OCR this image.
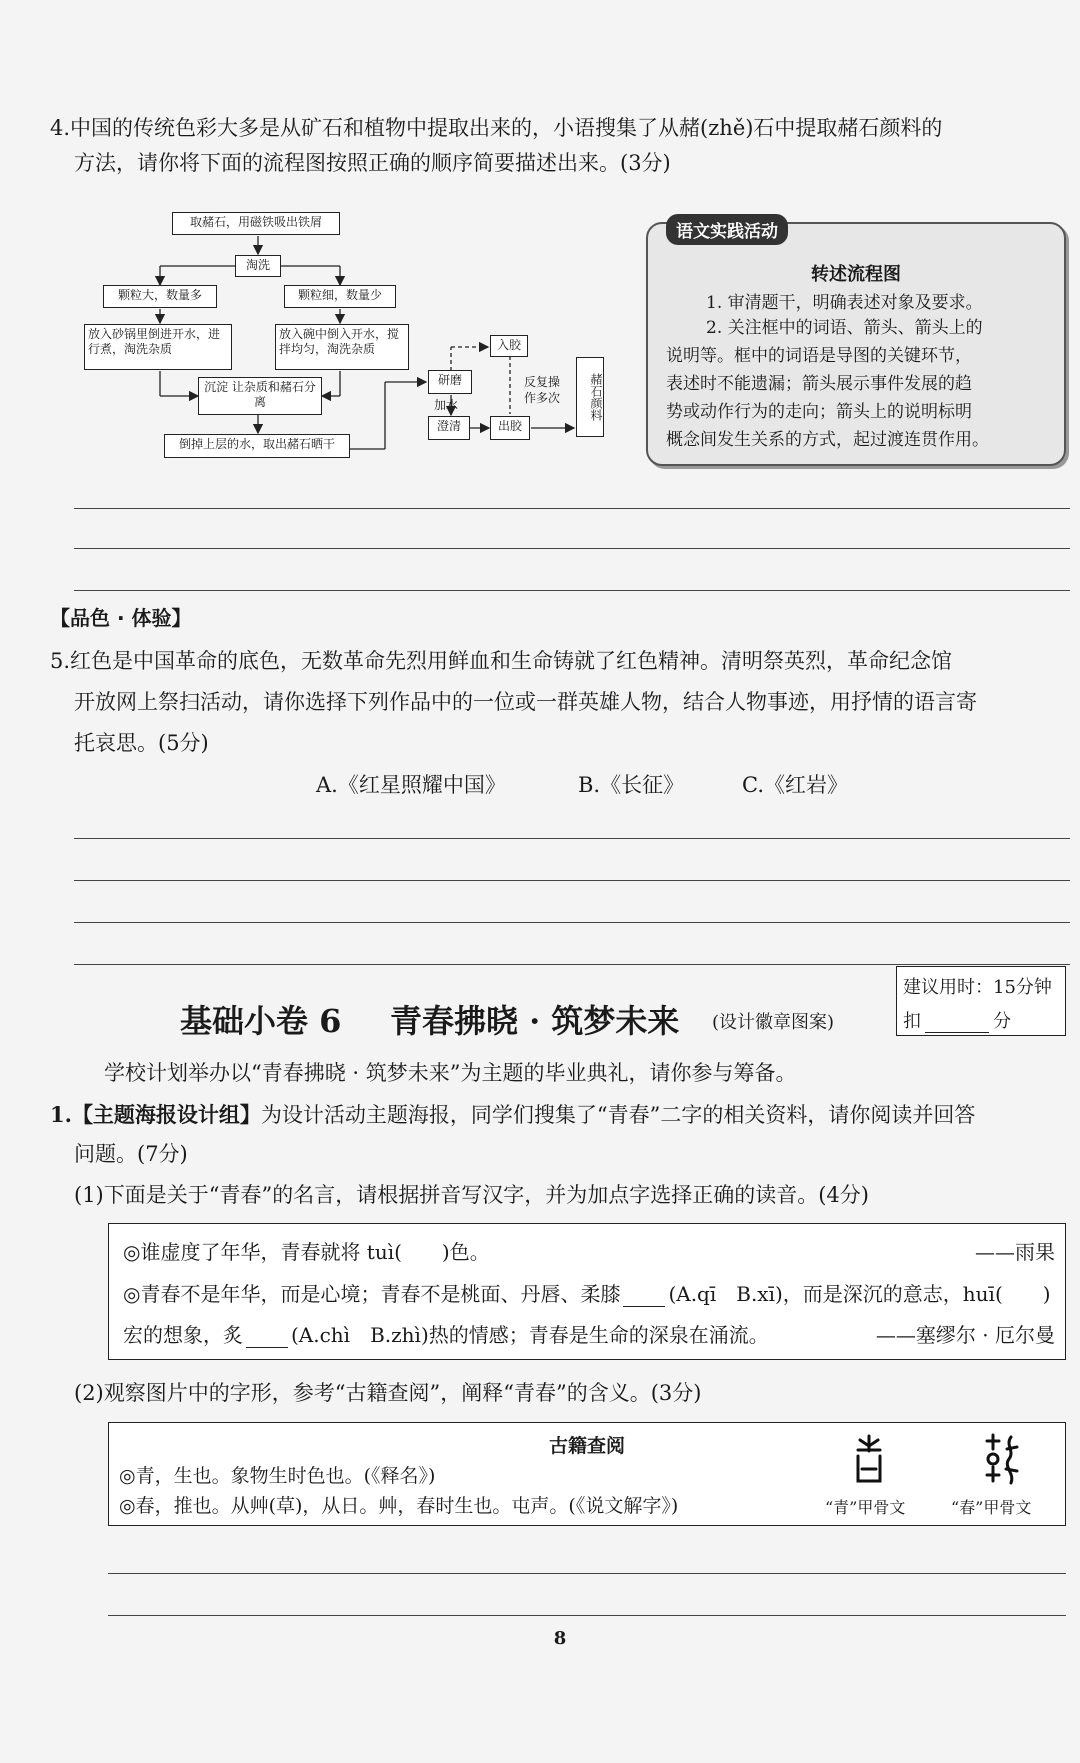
4.中国的传统色彩大多是从矿石和植物中提取出来的，小语搜集了从赭(zhě)石中提取赭石颜料的
方法，请你将下面的流程图按照正确的顺序简要描述出来。(3分)
取赭石，用磁铁吸出铁屑
淘洗
颗粒大，数量多	颗粒细，数量少
放入砂锅里倒进开水，进行煮，淘洗杂质
放入碗中倒入开水，搅拌均匀，淘洗杂质
沉淀 让杂质和赭石分离
倒掉上层的水，取出赭石晒干
研磨
加水
澄清
入胶
出胶
反复操作多次	赭石颜料
语文实践活动
转述流程图
1. 审清题干，明确表述对象及要求。
2. 关注框中的词语、箭头、箭头上的
说明等。框中的词语是导图的关键环节，
表述时不能遗漏；箭头展示事件发展的趋
势或动作行为的走向；箭头上的说明标明
概念间发生关系的方式，起过渡连贯作用。
【品色 · 体验】
5.红色是中国革命的底色，无数革命先烈用鲜血和生命铸就了红色精神。清明祭英烈，革命纪念馆
开放网上祭扫活动，请你选择下列作品中的一位或一群英雄人物，结合人物事迹，用抒情的语言寄
托哀思。(5分)
A.《红星照耀中国》	B.《长征》	C.《红岩》
基础小卷 6 青春拂晓 · 筑梦未来 (设计徽章图案)
建议用时：15分钟
扣	分
学校计划举办以“青春拂晓 · 筑梦未来”为主题的毕业典礼，请你参与筹备。
1.【主题海报设计组】为设计活动主题海报，同学们搜集了“青春”二字的相关资料，请你阅读并回答
问题。(7分)
(1)下面是关于“青春”的名言，请根据拼音写汉字，并为加点字选择正确的读音。(4分)
◎谁虚度了年华，青春就将 tuì(　　)色。	——雨果
◎青春不是年华，而是心境；青春不是桃面、丹唇、柔膝 (A.qī　B.xī)，而是深沉的意志，huī(　　)
宏的想象，炙 (A.chì　B.zhì)热的情感；青春是生命的深泉在涌流。	——塞缪尔 · 厄尔曼
(2)观察图片中的字形，参考“古籍查阅”，阐释“青春”的含义。(3分)
古籍查阅
◎青，生也。象物生时色也。(《释名》)
◎春，推也。从艸(草)，从日。艸，春时生也。屯声。(《说文解字》)	“青”甲骨文	“春”甲骨文
8
